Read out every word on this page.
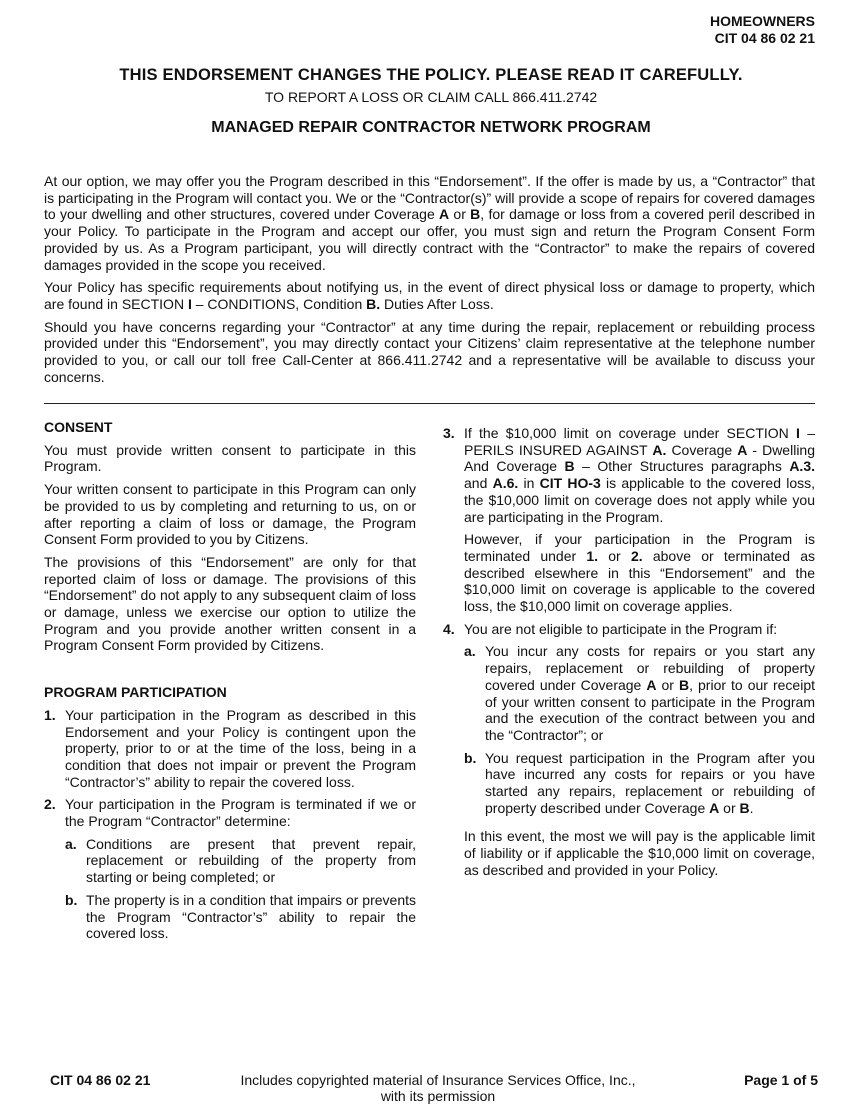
HOMEOWNERS
CIT 04 86 02 21
THIS ENDORSEMENT CHANGES THE POLICY. PLEASE READ IT CAREFULLY.
TO REPORT A LOSS OR CLAIM CALL 866.411.2742
MANAGED REPAIR CONTRACTOR NETWORK PROGRAM

At our option, we may offer you the Program described in this “Endorsement”. If the offer is made by us, a “Contractor” that is participating in the Program will contact you. We or the “Contractor(s)” will provide a scope of repairs for covered damages to your dwelling and other structures, covered under Coverage A or B, for damage or loss from a covered peril described in your Policy. To participate in the Program and accept our offer, you must sign and return the Program Consent Form provided by us. As a Program participant, you will directly contract with the “Contractor” to make the repairs of covered damages provided in the scope you received.

Your Policy has specific requirements about notifying us, in the event of direct physical loss or damage to property, which are found in SECTION I – CONDITIONS, Condition B. Duties After Loss.

Should you have concerns regarding your “Contractor” at any time during the repair, replacement or rebuilding process provided under this “Endorsement”, you may directly contact your Citizens’ claim representative at the telephone number provided to you, or call our toll free Call-Center at 866.411.2742 and a representative will be available to discuss your concerns.

CONSENT

You must provide written consent to participate in this Program.

Your written consent to participate in this Program can only be provided to us by completing and returning to us, on or after reporting a claim of loss or damage, the Program Consent Form provided to you by Citizens.

The provisions of this “Endorsement” are only for that reported claim of loss or damage. The provisions of this “Endorsement” do not apply to any subsequent claim of loss or damage, unless we exercise our option to utilize the Program and you provide another written consent in a Program Consent Form provided by Citizens.

PROGRAM PARTICIPATION
1. Your participation in the Program as described in this Endorsement and your Policy is contingent upon the property, prior to or at the time of the loss, being in a condition that does not impair or prevent the Program “Contractor’s” ability to repair the covered loss.
2. Your participation in the Program is terminated if we or the Program “Contractor” determine:
a. Conditions are present that prevent repair, replacement or rebuilding of the property from starting or being completed; or
b. The property is in a condition that impairs or prevents the Program “Contractor’s” ability to repair the covered loss.
3. If the $10,000 limit on coverage under SECTION I – PERILS INSURED AGAINST A. Coverage A - Dwelling And Coverage B – Other Structures paragraphs A.3. and A.6. in CIT HO-3 is applicable to the covered loss, the $10,000 limit on coverage does not apply while you are participating in the Program.

However, if your participation in the Program is terminated under 1. or 2. above or terminated as described elsewhere in this “Endorsement” and the $10,000 limit on coverage is applicable to the covered loss, the $10,000 limit on coverage applies.

4. You are not eligible to participate in the Program if:
a. You incur any costs for repairs or you start any repairs, replacement or rebuilding of property covered under Coverage A or B, prior to our receipt of your written consent to participate in the Program and the execution of the contract between you and the “Contractor”; or
b. You request participation in the Program after you have incurred any costs for repairs or you have started any repairs, replacement or rebuilding of property described under Coverage A or B.

In this event, the most we will pay is the applicable limit of liability or if applicable the $10,000 limit on coverage, as described and provided in your Policy.

CIT 04 86 02 21	Includes copyrighted material of Insurance Services Office, Inc.,
with its permission
Page 1 of 5
